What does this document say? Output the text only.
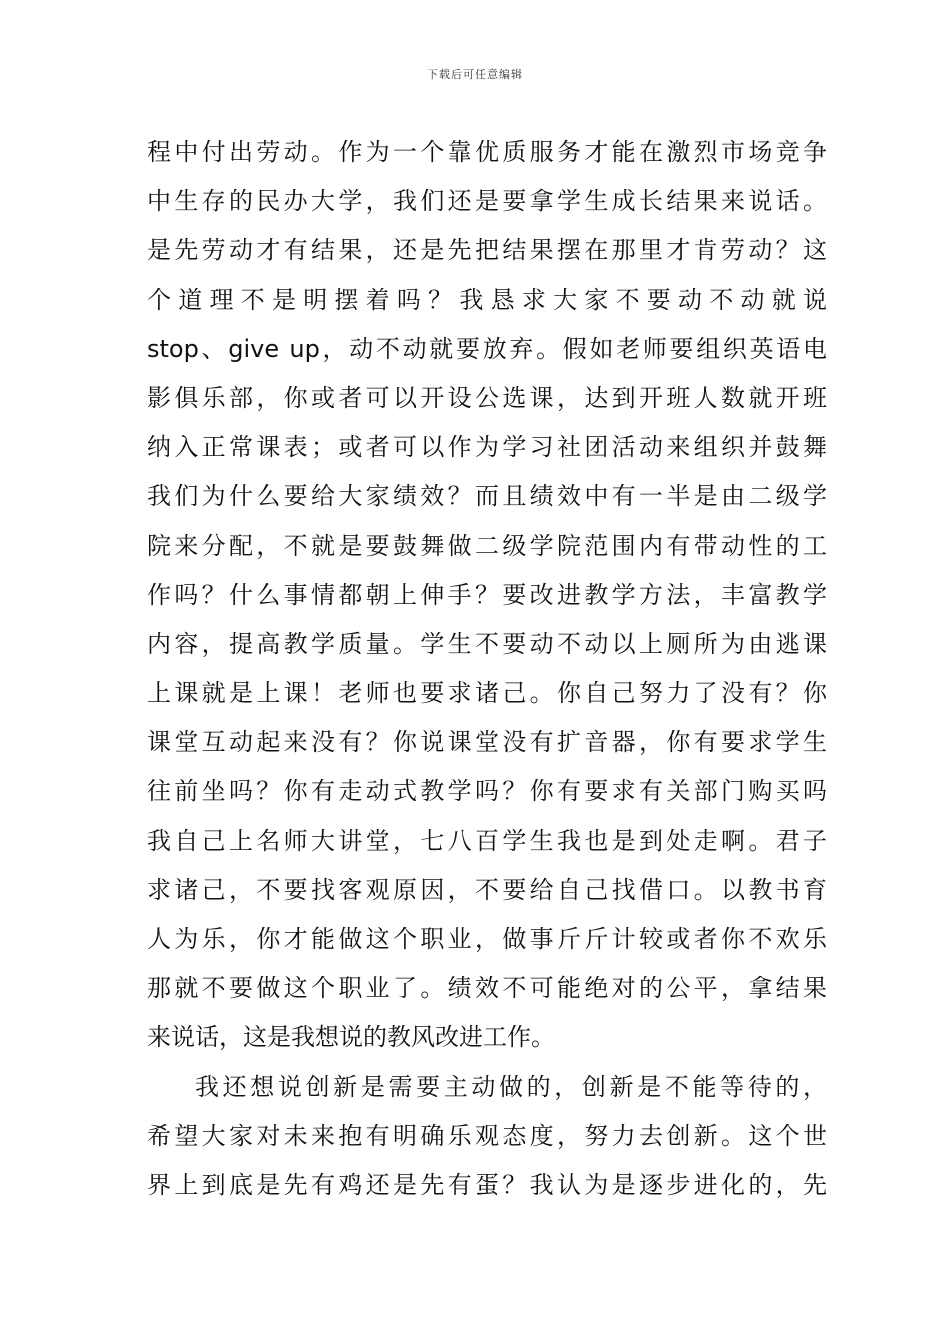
下载后可任意编辑
程中付出劳动。作为一个靠优质服务才能在激烈市场竞争
中生存的民办大学，我们还是要拿学生成长结果来说话。
是先劳动才有结果，还是先把结果摆在那里才肯劳动？这
个道理不是明摆着吗？我恳求大家不要动不动就说
stop、give up，动不动就要放弃。假如老师要组织英语电
影俱乐部，你或者可以开设公选课，达到开班人数就开班
纳入正常课表；或者可以作为学习社团活动来组织并鼓舞
我们为什么要给大家绩效？而且绩效中有一半是由二级学
院来分配，不就是要鼓舞做二级学院范围内有带动性的工
作吗？什么事情都朝上伸手？要改进教学方法，丰富教学
内容，提高教学质量。学生不要动不动以上厕所为由逃课
上课就是上课！老师也要求诸己。你自己努力了没有？你
课堂互动起来没有？你说课堂没有扩音器，你有要求学生
往前坐吗？你有走动式教学吗？你有要求有关部门购买吗
我自己上名师大讲堂，七八百学生我也是到处走啊。君子
求诸己，不要找客观原因，不要给自己找借口。以教书育
人为乐，你才能做这个职业，做事斤斤计较或者你不欢乐
那就不要做这个职业了。绩效不可能绝对的公平，拿结果
来说话，这是我想说的教风改进工作。
我还想说创新是需要主动做的，创新是不能等待的，
希望大家对未来抱有明确乐观态度，努力去创新。这个世
界上到底是先有鸡还是先有蛋？我认为是逐步进化的，先
